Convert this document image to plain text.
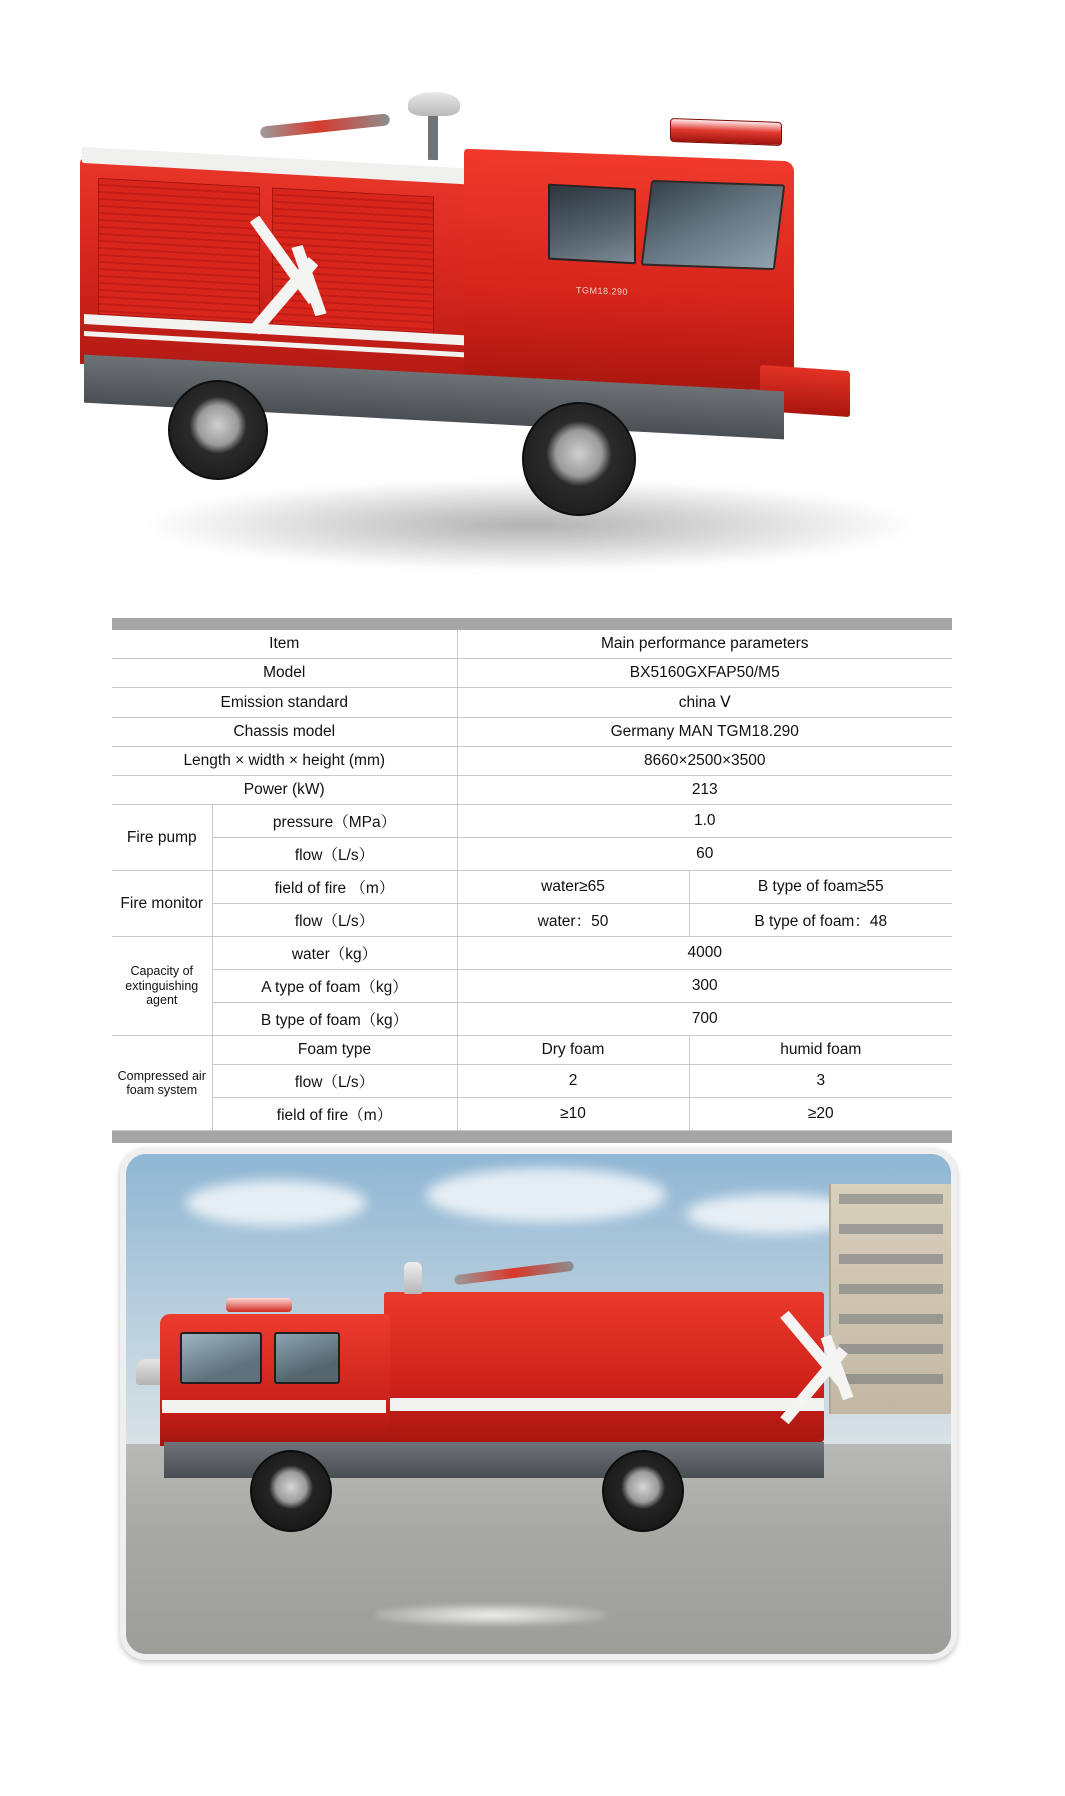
TGM18.290
Item		Main performance parameters	
Model		BX5160GXFAP50/M5	
Emission standard		china Ⅴ	
Chassis model		Germany MAN TGM18.290	
Length × width × height (mm)		8660×2500×3500	
Power (kW)		213	
Fire pump	pressure（MPa）	1.0	
	flow（L/s）	60	
Fire monitor	field of fire （m）	water≥65	B type of foam≥55
	flow（L/s）	water：50	B type of foam：48
Capacity of extinguishing agent	water（kg）	4000	
	A type of foam（kg）	300	
	B type of foam（kg）	700	
Compressed air foam system	Foam type	Dry foam	humid foam
	flow（L/s）	2	3
	field of fire（m）	≥10	≥20
